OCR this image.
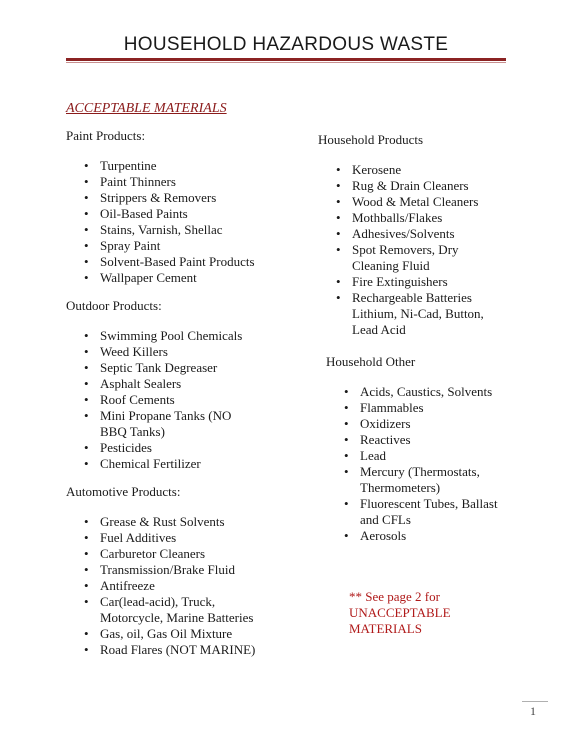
HOUSEHOLD HAZARDOUS WASTE
ACCEPTABLE MATERIALS
Paint Products:
• Turpentine
• Paint Thinners
• Strippers & Removers
• Oil-Based Paints
• Stains, Varnish, Shellac
• Spray Paint
• Solvent-Based Paint Products
• Wallpaper Cement
Outdoor Products:
• Swimming Pool Chemicals
• Weed Killers
• Septic Tank Degreaser
• Asphalt Sealers
• Roof Cements
• Mini Propane Tanks (NO BBQ Tanks)
• Pesticides
• Chemical Fertilizer
Automotive Products:
• Grease & Rust Solvents
• Fuel Additives
• Carburetor Cleaners
• Transmission/Brake Fluid
• Antifreeze
• Car(lead-acid), Truck, Motorcycle, Marine Batteries
• Gas, oil, Gas Oil Mixture
• Road Flares (NOT MARINE)
Household Products
• Kerosene
• Rug & Drain Cleaners
• Wood & Metal Cleaners
• Mothballs/Flakes
• Adhesives/Solvents
• Spot Removers, Dry Cleaning Fluid
• Fire Extinguishers
• Rechargeable Batteries Lithium, Ni-Cad, Button, Lead Acid
Household Other
• Acids, Caustics, Solvents
• Flammables
• Oxidizers
• Reactives
• Lead
• Mercury (Thermostats, Thermometers)
• Fluorescent Tubes, Ballast and CFLs
• Aerosols
** See page 2 for UNACCEPTABLE MATERIALS
1
